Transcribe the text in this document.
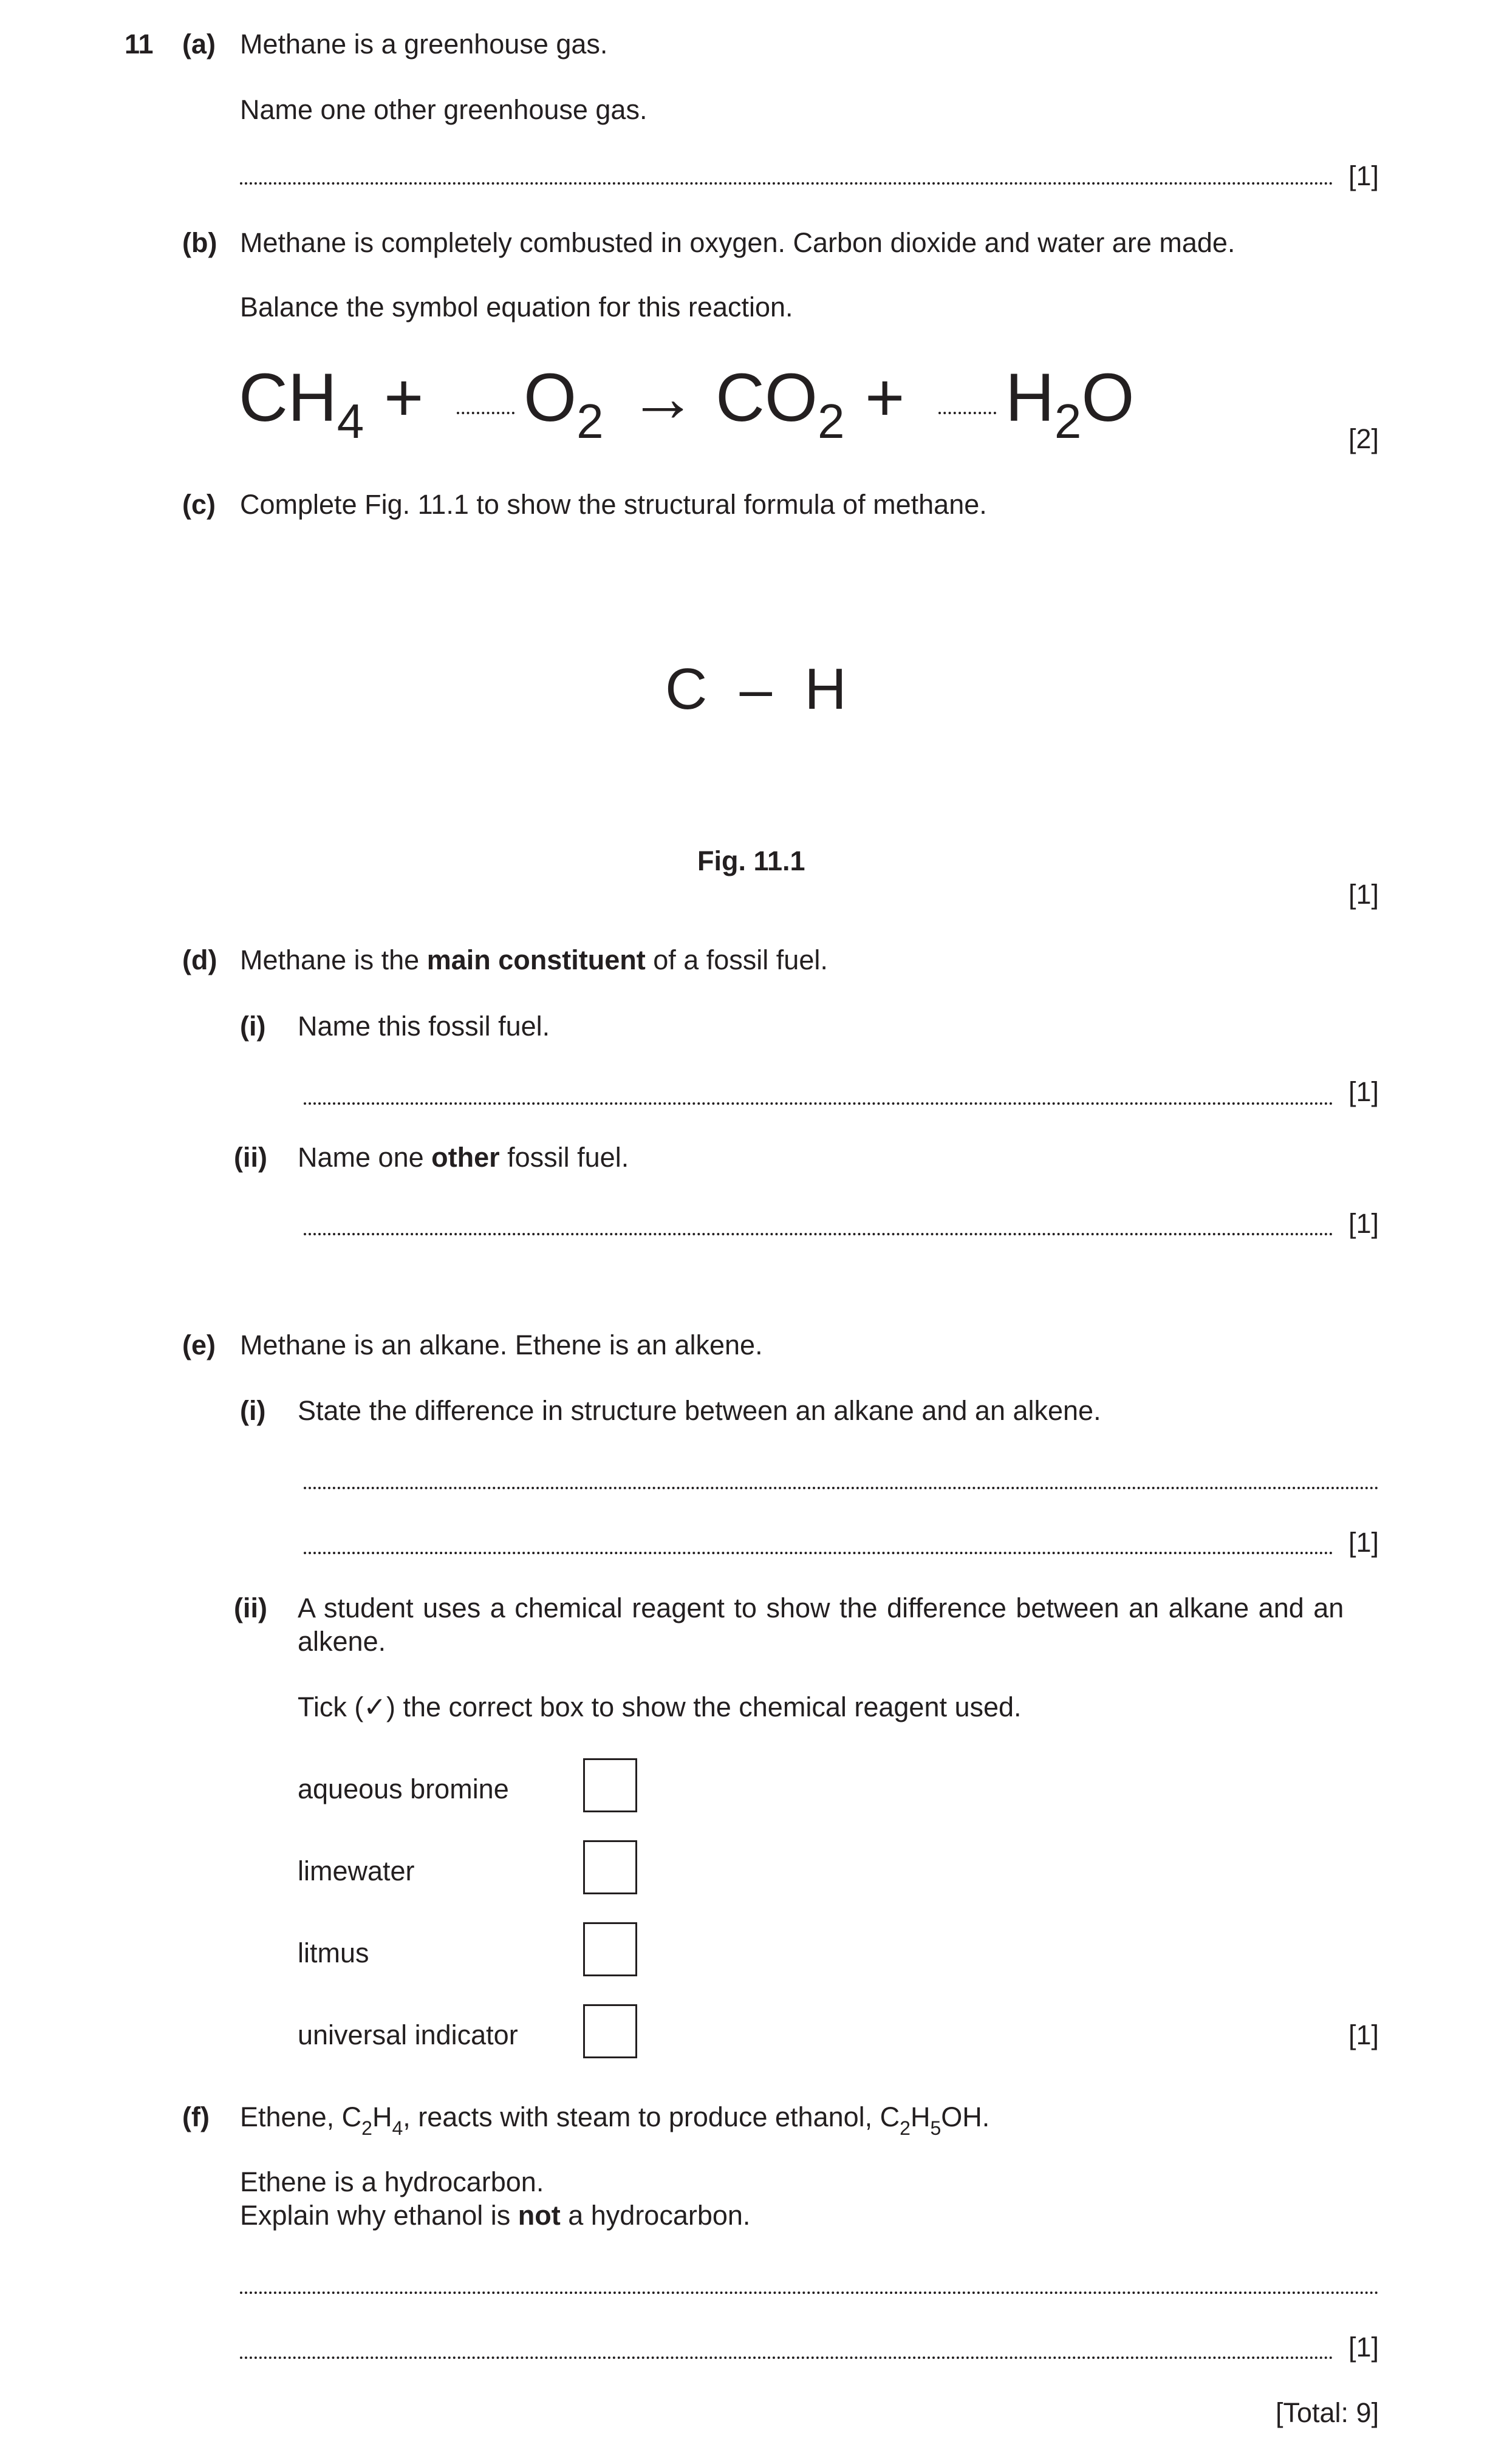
11 (a) Methane is a greenhouse gas.
Name one other greenhouse gas.
[1]
(b) Methane is completely combusted in oxygen. Carbon dioxide and water are made.
Balance the symbol equation for this reaction.
$CH_4 + O_2 \to CO_2 + H_2O$
[2]
(c) Complete Fig. 11.1 to show the structural formula of methane.
C  –  H
Fig. 11.1
[1]
(d) Methane is the main constituent of a fossil fuel.
(i) Name this fossil fuel.
[1]
(ii) Name one other fossil fuel.
[1]
(e) Methane is an alkane. Ethene is an alkene.
(i) State the difference in structure between an alkane and an alkene.
[1]
(ii) A student uses a chemical reagent to show the difference between an alkane and an
alkene.
Tick (✓) the correct box to show the chemical reagent used.
aqueous bromine
limewater
litmus
universal indicator	[1]
(f) Ethene, $C_2H_4$, reacts with steam to produce ethanol, $C_2H_5OH$.
Ethene is a hydrocarbon.
Explain why ethanol is not a hydrocarbon.
[1]
[Total: 9]
